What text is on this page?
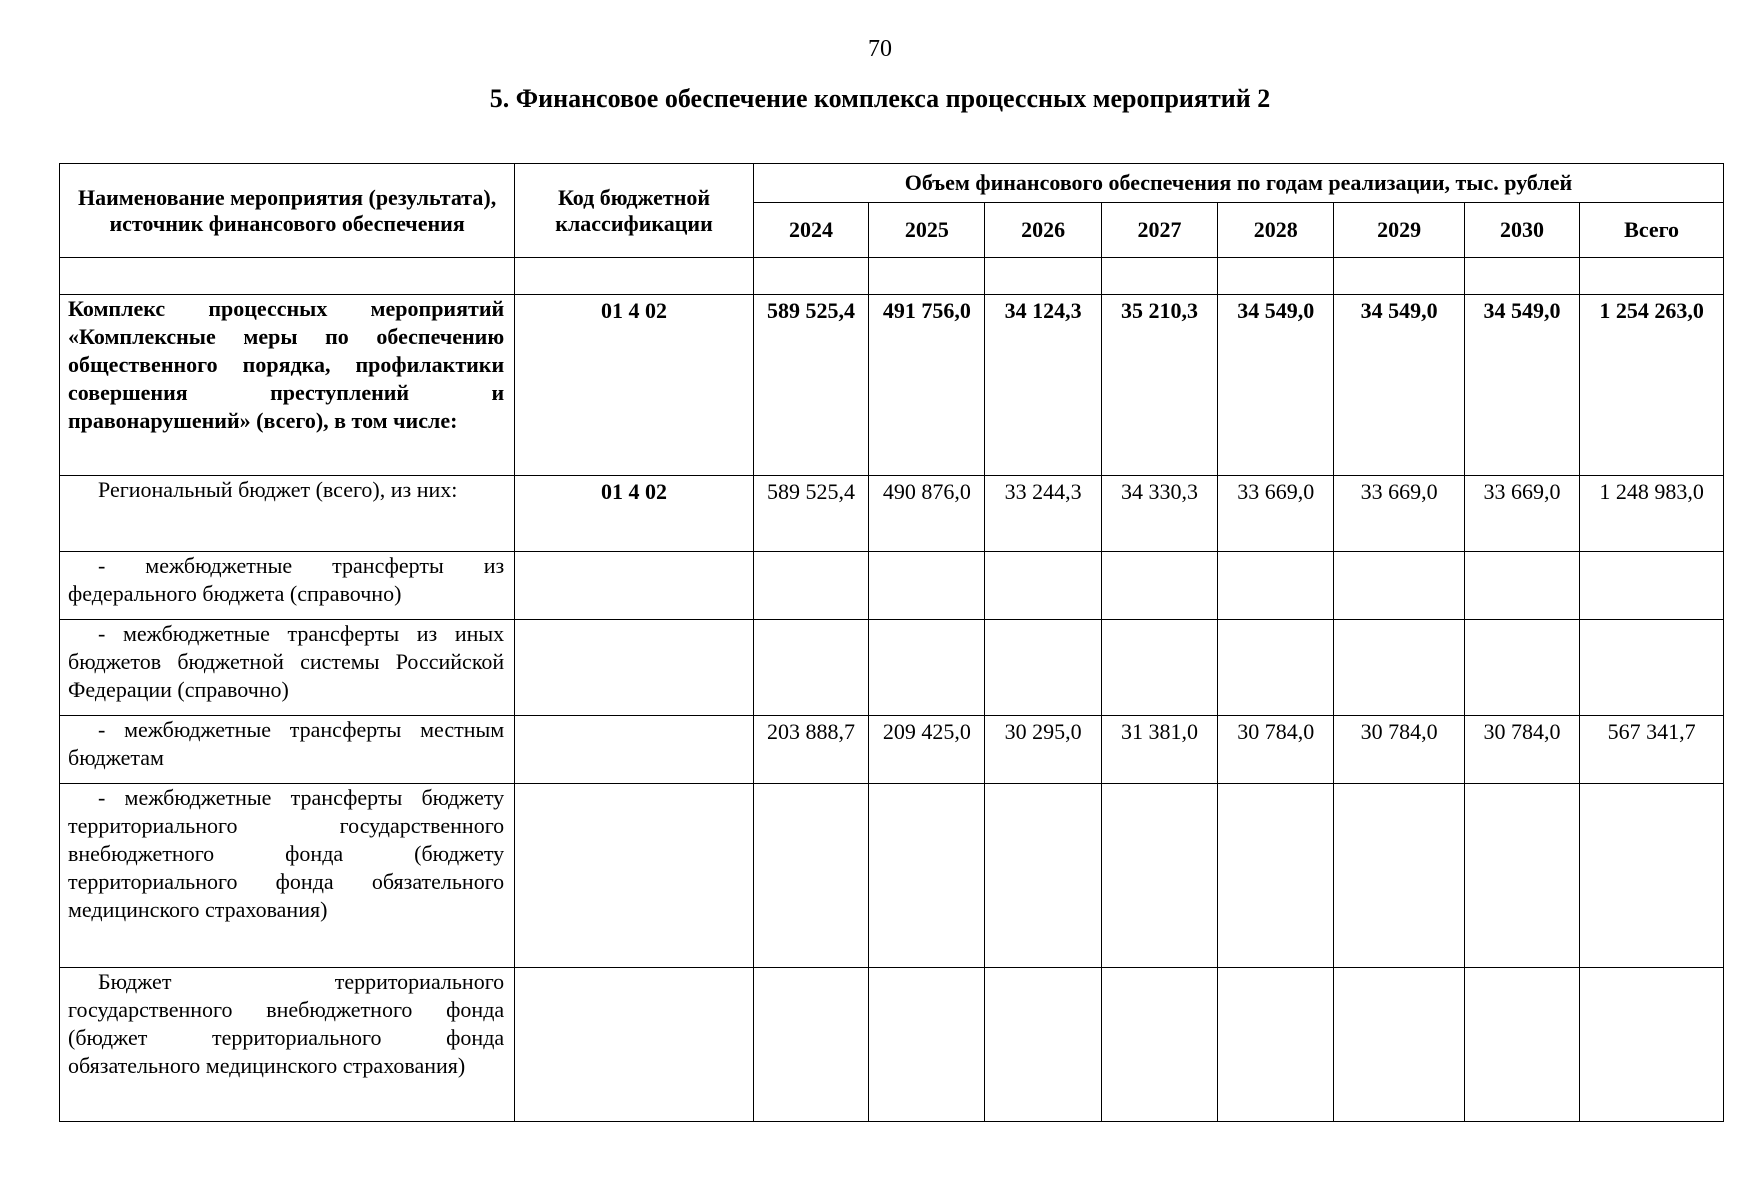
70
5. Финансовое обеспечение комплекса процессных мероприятий 2
Наименование мероприятия (результата), источник финансового обеспечения	Код бюджетной классификации	Объем финансового обеспечения по годам реализации, тыс. рублей							
		2024	2025	2026	2027	2028	2029	2030	Всего

Комплекс процессных мероприятий «Комплексные меры по обеспечению общественного порядка, профилактики совершения преступлений и правонарушений» (всего), в том числе:	01 4 02	589 525,4	491 756,0	34 124,3	35 210,3	34 549,0	34 549,0	34 549,0	1 254 263,0
Региональный бюджет (всего), из них:	01 4 02	589 525,4	490 876,0	33 244,3	34 330,3	33 669,0	33 669,0	33 669,0	1 248 983,0
- межбюджетные трансферты из федерального бюджета (справочно)									
- межбюджетные трансферты из иных бюджетов бюджетной системы Российской Федерации (справочно)									
- межбюджетные трансферты местным бюджетам		203 888,7	209 425,0	30 295,0	31 381,0	30 784,0	30 784,0	30 784,0	567 341,7
- межбюджетные трансферты бюджету территориального государственного внебюджетного фонда (бюджету территориального фонда обязательного медицинского страхования)									
Бюджет территориального государственного внебюджетного фонда (бюджет территориального фонда обязательного медицинского страхования)									
